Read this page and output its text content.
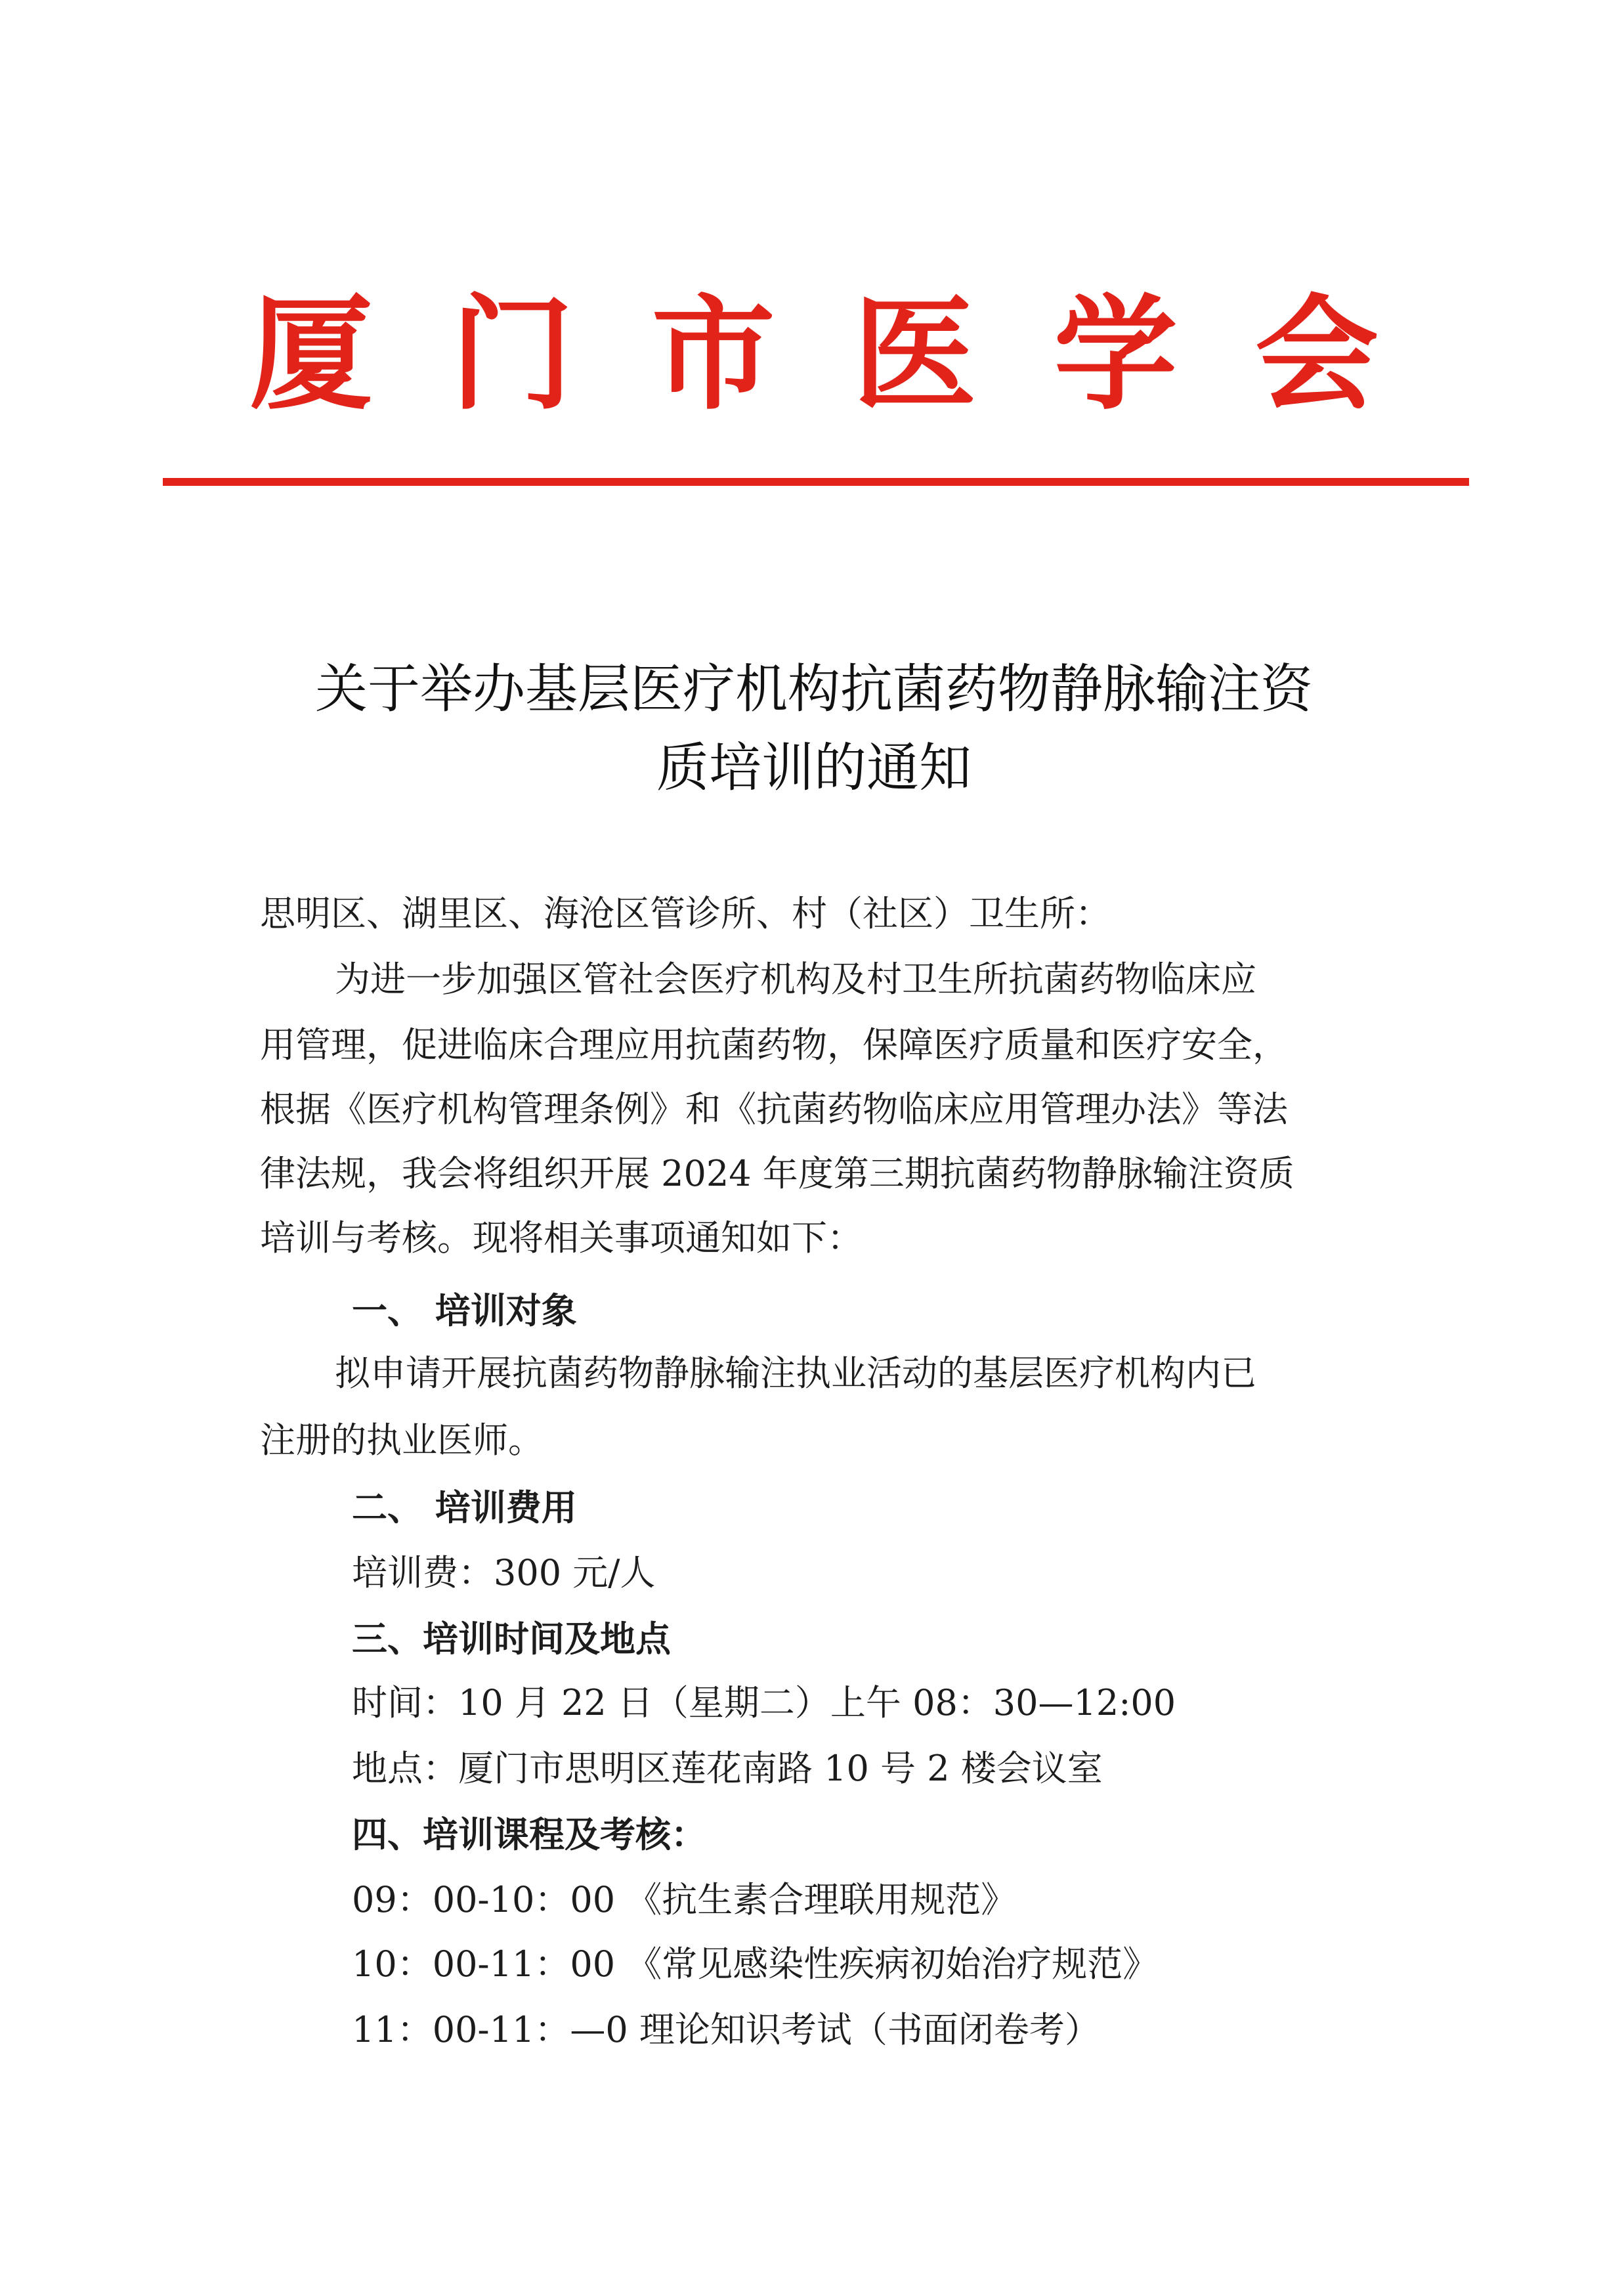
厦 门 市 医 学 会
关于举办基层医疗机构抗菌药物静脉输注资
质培训的通知
思明区、湖里区、海沧区管诊所、村（社区）卫生所：
为进一步加强区管社会医疗机构及村卫生所抗菌药物临床应
用管理，促进临床合理应用抗菌药物，保障医疗质量和医疗安全，
根据《医疗机构管理条例》和《抗菌药物临床应用管理办法》等法
律法规，我会将组织开展 2024 年度第三期抗菌药物静脉输注资质
培训与考核。现将相关事项通知如下：
一、 培训对象
拟申请开展抗菌药物静脉输注执业活动的基层医疗机构内已
注册的执业医师。
二、 培训费用
培训费：300 元/人
三、培训时间及地点
时间：10 月 22 日（星期二）上午 08：30—12:00
地点：厦门市思明区莲花南路 10 号 2 楼会议室
四、培训课程及考核：
09：00-10：00 《抗生素合理联用规范》
10：00-11：00 《常见感染性疾病初始治疗规范》
11：00-11：—0 理论知识考试（书面闭卷考）
